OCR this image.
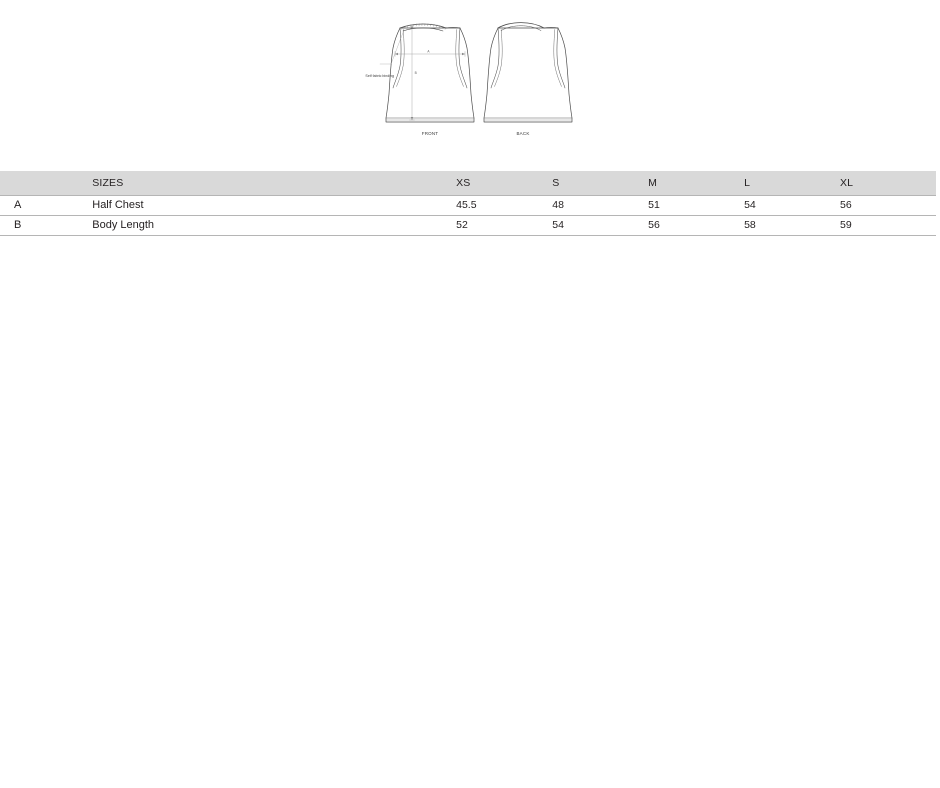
A
B
Self fabric binding
FRONT	BACK
	SIZES	XS	S	M	L	XL
A	Half Chest	45.5	48	51	54	56
B	Body Length	52	54	56	58	59
